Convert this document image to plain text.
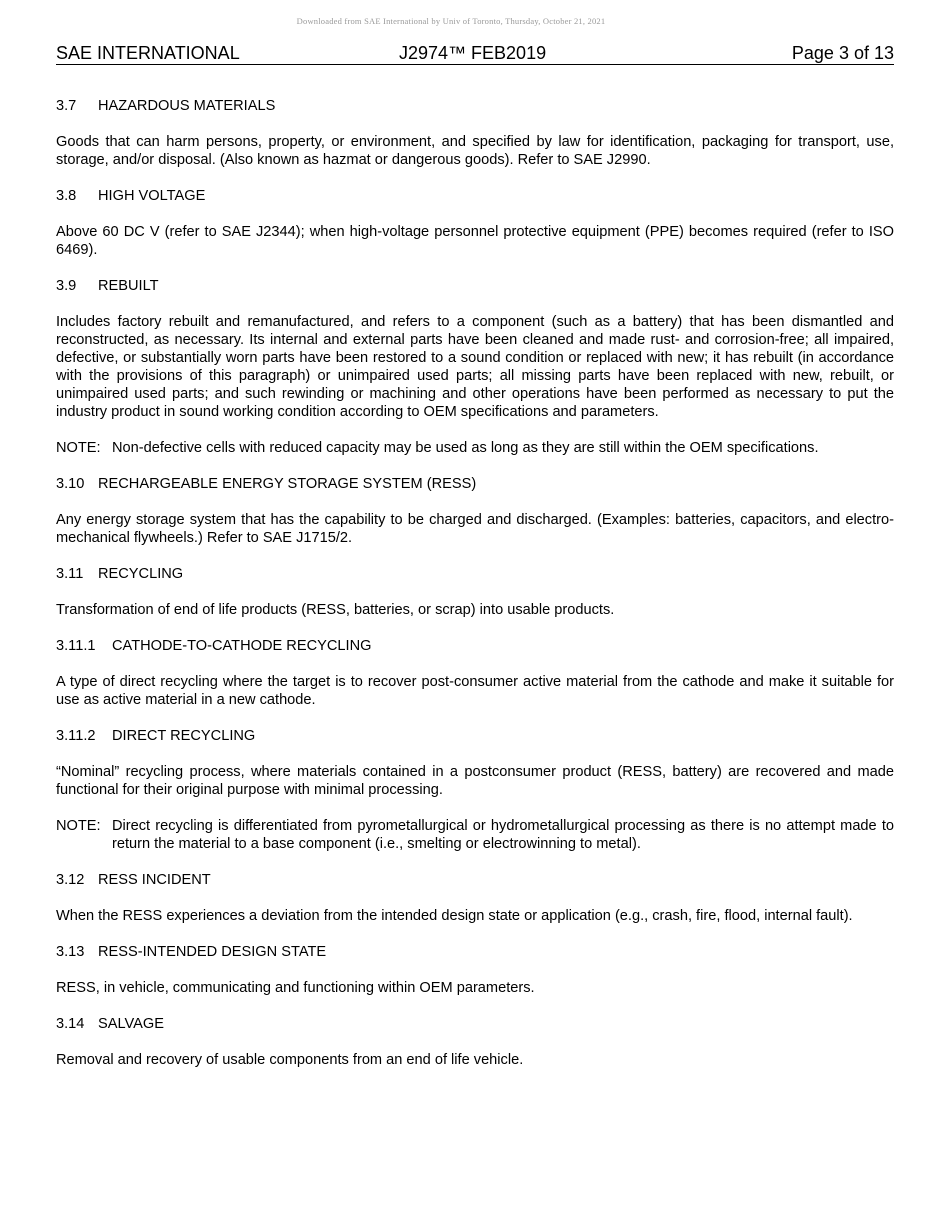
Downloaded from SAE International by Univ of Toronto, Thursday, October 21, 2021
SAE INTERNATIONAL	J2974™ FEB2019	Page 3 of 13
3.7 HAZARDOUS MATERIALS

Goods that can harm persons, property, or environment, and specified by law for identification, packaging for transport, use, storage, and/or disposal. (Also known as hazmat or dangerous goods). Refer to SAE J2990.

3.8 HIGH VOLTAGE

Above 60 DC V (refer to SAE J2344); when high-voltage personnel protective equipment (PPE) becomes required (refer to ISO 6469).

3.9 REBUILT

Includes factory rebuilt and remanufactured, and refers to a component (such as a battery) that has been dismantled and reconstructed, as necessary. Its internal and external parts have been cleaned and made rust- and corrosion-free; all impaired, defective, or substantially worn parts have been restored to a sound condition or replaced with new; it has rebuilt (in accordance with the provisions of this paragraph) or unimpaired used parts; all missing parts have been replaced with new, rebuilt, or unimpaired used parts; and such rewinding or machining and other operations have been performed as necessary to put the industry product in sound working condition according to OEM specifications and parameters.

NOTE: Non-defective cells with reduced capacity may be used as long as they are still within the OEM specifications.
3.10 RECHARGEABLE ENERGY STORAGE SYSTEM (RESS)

Any energy storage system that has the capability to be charged and discharged. (Examples: batteries, capacitors, and electro-mechanical flywheels.) Refer to SAE J1715/2.

3.11 RECYCLING

Transformation of end of life products (RESS, batteries, or scrap) into usable products.

3.11.1 CATHODE-TO-CATHODE RECYCLING

A type of direct recycling where the target is to recover post-consumer active material from the cathode and make it suitable for use as active material in a new cathode.

3.11.2 DIRECT RECYCLING

“Nominal” recycling process, where materials contained in a postconsumer product (RESS, battery) are recovered and made functional for their original purpose with minimal processing.

NOTE: Direct recycling is differentiated from pyrometallurgical or hydrometallurgical processing as there is no attempt made to return the material to a base component (i.e., smelting or electrowinning to metal).
3.12 RESS INCIDENT

When the RESS experiences a deviation from the intended design state or application (e.g., crash, fire, flood, internal fault).

3.13 RESS-INTENDED DESIGN STATE

RESS, in vehicle, communicating and functioning within OEM parameters.

3.14 SALVAGE

Removal and recovery of usable components from an end of life vehicle.
